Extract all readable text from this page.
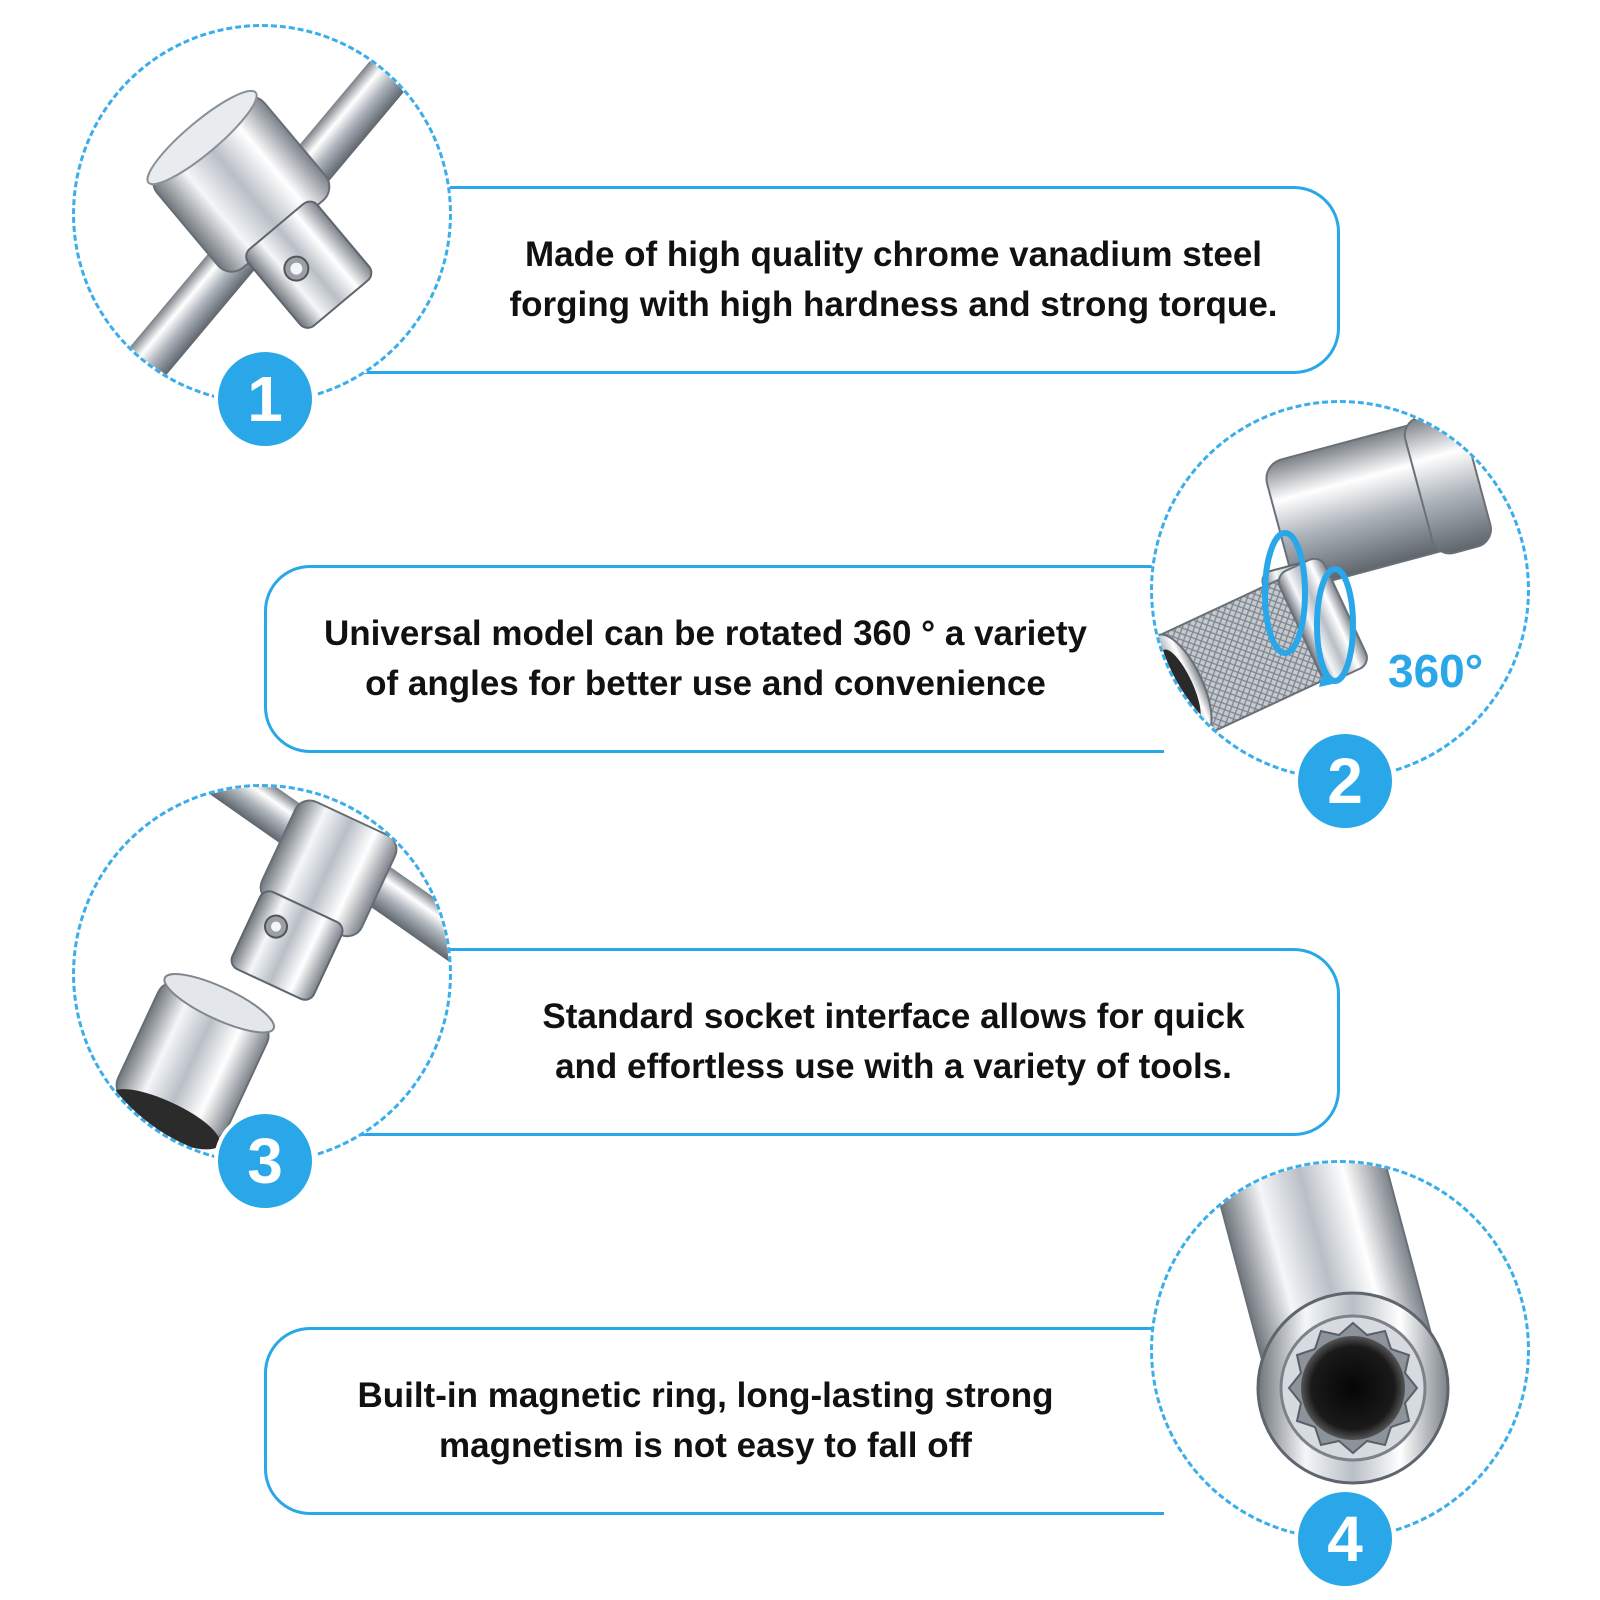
Made of high quality chrome vanadium steel
forging with high hardness and strong torque.
1
Universal model can be rotated 360 ° a variety
of angles for better use and convenience	360°
2
Standard socket interface allows for quick
and effortless use with a variety of tools.
3
Built-in magnetic ring, long-lasting strong
magnetism is not easy to fall off
4
